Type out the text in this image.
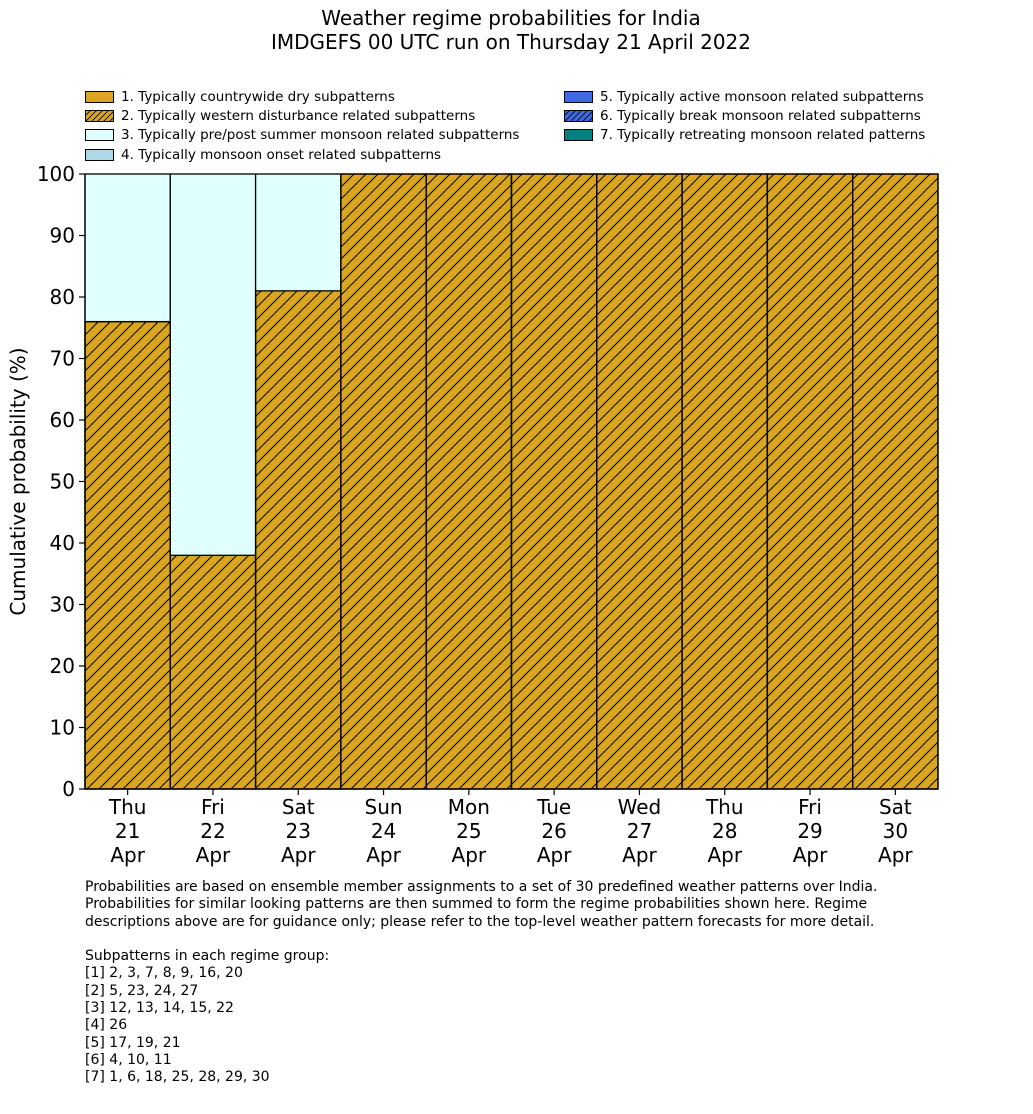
Weather regime probabilities for India
IMDGEFS 00 UTC run on Thursday 21 April 2022
1. Typically countrywide dry subpatterns
2. Typically western disturbance related subpatterns
3. Typically pre/post summer monsoon related subpatterns
4. Typically monsoon onset related subpatterns
5. Typically active monsoon related subpatterns
6. Typically break monsoon related subpatterns
7. Typically retreating monsoon related patterns
0
10
20
30
40
50
60
70
80
90
100
Thu
21
Apr
Fri
22
Apr
Sat
23
Apr
Sun
24
Apr
Mon
25
Apr
Tue
26
Apr
Wed
27
Apr
Thu
28
Apr
Fri
29
Apr
Sat
30
Apr
Cumulative probability (%)
Probabilities are based on ensemble member assignments to a set of 30 predefined weather patterns over India.
Probabilities for similar looking patterns are then summed to form the regime probabilities shown here. Regime
descriptions above are for guidance only; please refer to the top-level weather pattern forecasts for more detail.
Subpatterns in each regime group:
[1] 2, 3, 7, 8, 9, 16, 20
[2] 5, 23, 24, 27
[3] 12, 13, 14, 15, 22
[4] 26
[5] 17, 19, 21
[6] 4, 10, 11
[7] 1, 6, 18, 25, 28, 29, 30
